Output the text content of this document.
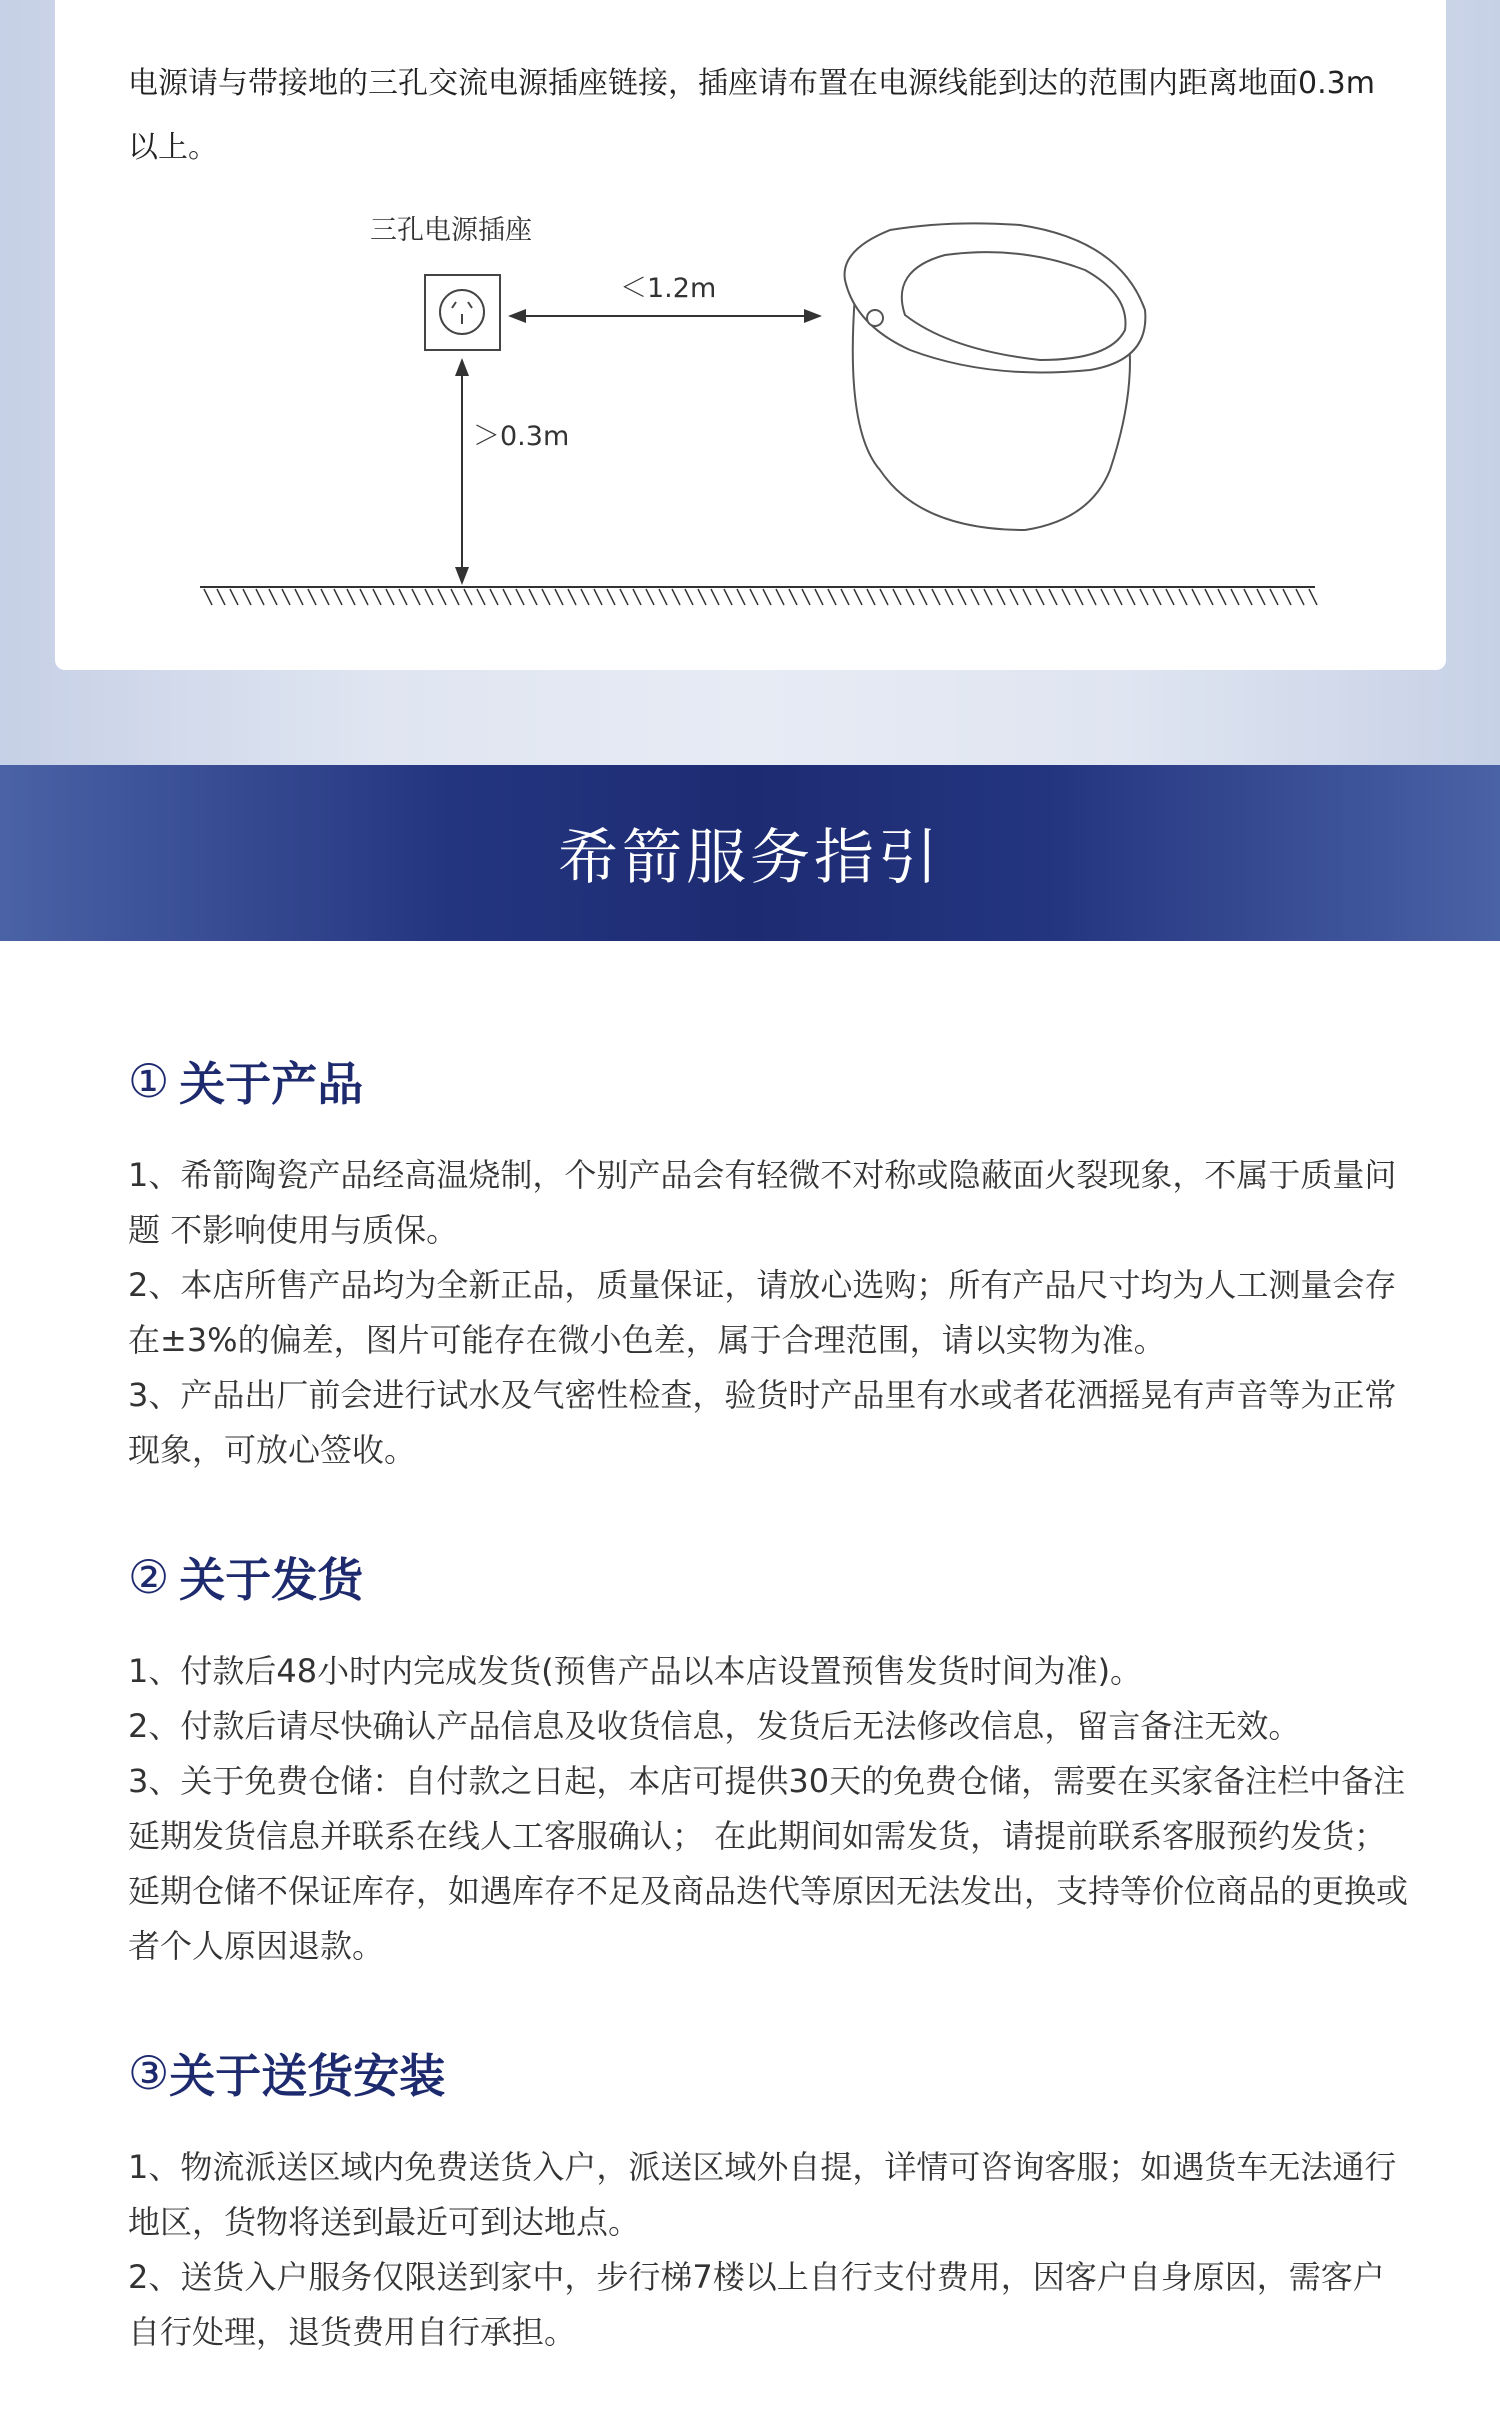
电源请与带接地的三孔交流电源插座链接，插座请布置在电源线能到达的范围内距离地面0.3m以上。

三孔电源插座
＜1.2m
＞0.3m
希箭服务指引
① 关于产品

1、希箭陶瓷产品经高温烧制，个别产品会有轻微不对称或隐蔽面火裂现象，不属于质量问题 不影响使用与质保。

2、本店所售产品均为全新正品，质量保证，请放心选购；所有产品尺寸均为人工测量会存在±3%的偏差，图片可能存在微小色差，属于合理范围，请以实物为准。

3、产品出厂前会进行试水及气密性检查，验货时产品里有水或者花洒摇晃有声音等为正常现象，可放心签收。

② 关于发货

1、付款后48小时内完成发货(预售产品以本店设置预售发货时间为准)。

2、付款后请尽快确认产品信息及收货信息，发货后无法修改信息，留言备注无效。

3、关于免费仓储：自付款之日起，本店可提供30天的免费仓储，需要在买家备注栏中备注延期发货信息并联系在线人工客服确认； 在此期间如需发货，请提前联系客服预约发货；延期仓储不保证库存，如遇库存不足及商品迭代等原因无法发出，支持等价位商品的更换或者个人原因退款。

③ 关于送货安装

1、物流派送区域内免费送货入户，派送区域外自提，详情可咨询客服；如遇货车无法通行地区，货物将送到最近可到达地点。

2、送货入户服务仅限送到家中，步行梯7楼以上自行支付费用，因客户自身原因，需客户自行处理，退货费用自行承担。
